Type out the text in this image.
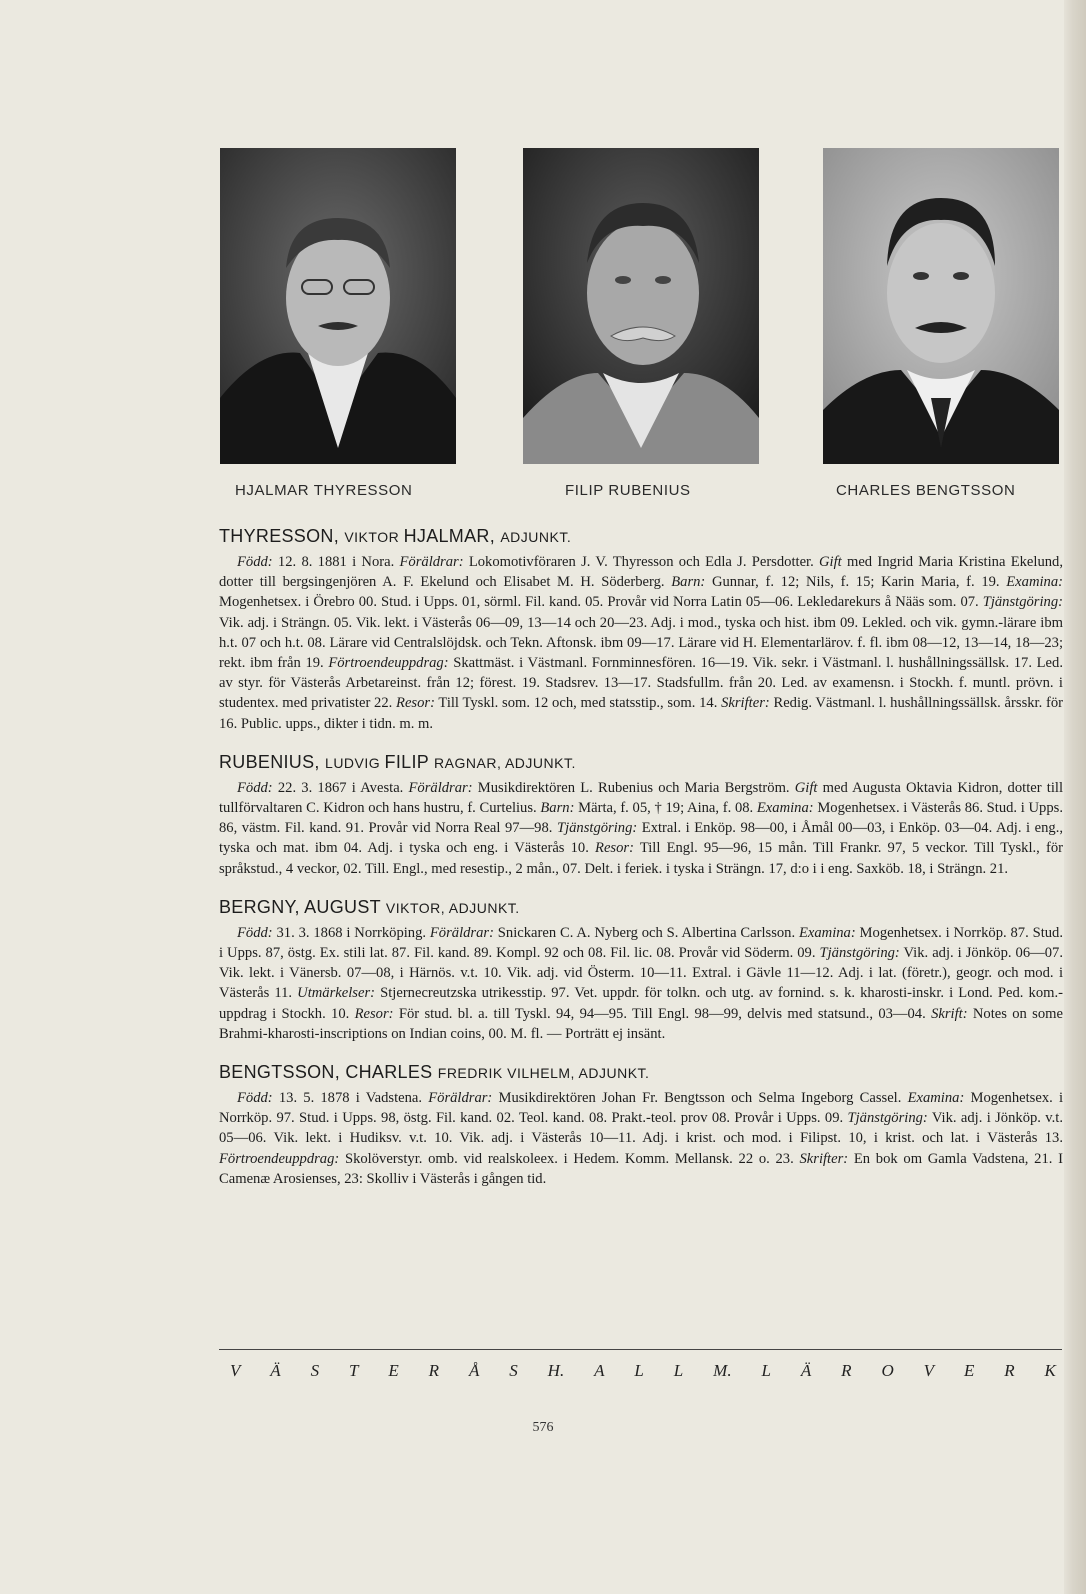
HJALMAR THYRESSON	FILIP RUBENIUS	CHARLES BENGTSSON
THYRESSON, VIKTOR HJALMAR, ADJUNKT.

Född: 12. 8. 1881 i Nora. Föräldrar: Lokomotivföraren J. V. Thyresson och Edla J. Persdotter. Gift med Ingrid Maria Kristina Ekelund, dotter till bergsingenjören A. F. Ekelund och Elisabet M. H. Söderberg. Barn: Gunnar, f. 12; Nils, f. 15; Karin Maria, f. 19. Examina: Mogenhetsex. i Örebro 00. Stud. i Upps. 01, sörml. Fil. kand. 05. Provår vid Norra Latin 05—06. Lekledarekurs å Nääs som. 07. Tjänstgöring: Vik. adj. i Strängn. 05. Vik. lekt. i Västerås 06—09, 13—14 och 20—23. Adj. i mod., tyska och hist. ibm 09. Lekled. och vik. gymn.-lärare ibm h.t. 07 och h.t. 08. Lärare vid Centralslöjdsk. och Tekn. Aftonsk. ibm 09—17. Lärare vid H. Elementarlärov. f. fl. ibm 08—12, 13—14, 18—23; rekt. ibm från 19. Förtroendeuppdrag: Skattmäst. i Västmanl. Fornminnesfören. 16—19. Vik. sekr. i Västmanl. l. hushållningssällsk. 17. Led. av styr. för Västerås Arbetareinst. från 12; förest. 19. Stadsrev. 13—17. Stadsfullm. från 20. Led. av examensn. i Stockh. f. muntl. prövn. i studentex. med privatister 22. Resor: Till Tyskl. som. 12 och, med statsstip., som. 14. Skrifter: Redig. Västmanl. l. hushållningssällsk. årsskr. för 16. Public. upps., dikter i tidn. m. m.

RUBENIUS, LUDVIG FILIP RAGNAR, ADJUNKT.

Född: 22. 3. 1867 i Avesta. Föräldrar: Musikdirektören L. Rubenius och Maria Bergström. Gift med Augusta Oktavia Kidron, dotter till tullförvaltaren C. Kidron och hans hustru, f. Curtelius. Barn: Märta, f. 05, † 19; Aina, f. 08. Examina: Mogenhetsex. i Västerås 86. Stud. i Upps. 86, västm. Fil. kand. 91. Provår vid Norra Real 97—98. Tjänstgöring: Extral. i Enköp. 98—00, i Åmål 00—03, i Enköp. 03—04. Adj. i eng., tyska och mat. ibm 04. Adj. i tyska och eng. i Västerås 10. Resor: Till Engl. 95—96, 15 mån. Till Frankr. 97, 5 veckor. Till Tyskl., för språkstud., 4 veckor, 02. Till. Engl., med resestip., 2 mån., 07. Delt. i feriek. i tyska i Strängn. 17, d:o i i eng. Saxköb. 18, i Strängn. 21.

BERGNY, AUGUST VIKTOR, ADJUNKT.

Född: 31. 3. 1868 i Norrköping. Föräldrar: Snickaren C. A. Nyberg och S. Albertina Carlsson. Examina: Mogenhetsex. i Norrköp. 87. Stud. i Upps. 87, östg. Ex. stili lat. 87. Fil. kand. 89. Kompl. 92 och 08. Fil. lic. 08. Provår vid Söderm. 09. Tjänstgöring: Vik. adj. i Jönköp. 06—07. Vik. lekt. i Vänersb. 07—08, i Härnös. v.t. 10. Vik. adj. vid Österm. 10—11. Extral. i Gävle 11—12. Adj. i lat. (företr.), geogr. och mod. i Västerås 11. Utmärkelser: Stjernecreutzska utrikesstip. 97. Vet. uppdr. för tolkn. och utg. av fornind. s. k. kharosti-inskr. i Lond. Ped. kom.-uppdrag i Stockh. 10. Resor: För stud. bl. a. till Tyskl. 94, 94—95. Till Engl. 98—99, delvis med statsund., 03—04. Skrift: Notes on some Brahmi-kharosti-inscriptions on Indian coins, 00. M. fl. — Porträtt ej insänt.

BENGTSSON, CHARLES FREDRIK VILHELM, ADJUNKT.

Född: 13. 5. 1878 i Vadstena. Föräldrar: Musikdirektören Johan Fr. Bengtsson och Selma Ingeborg Cassel. Examina: Mogenhetsex. i Norrköp. 97. Stud. i Upps. 98, östg. Fil. kand. 02. Teol. kand. 08. Prakt.-teol. prov 08. Provår i Upps. 09. Tjänstgöring: Vik. adj. i Jönköp. v.t. 05—06. Vik. lekt. i Hudiksv. v.t. 10. Vik. adj. i Västerås 10—11. Adj. i krist. och mod. i Filipst. 10, i krist. och lat. i Västerås 13. Förtroendeuppdrag: Skolöverstyr. omb. vid realskoleex. i Hedem. Komm. Mellansk. 22 o. 23. Skrifter: En bok om Gamla Vadstena, 21. I Camenæ Arosienses, 23: Skolliv i Västerås i gången tid.

V Ä S T E R Å S H. A L L M. L Ä R O V E R K
576
